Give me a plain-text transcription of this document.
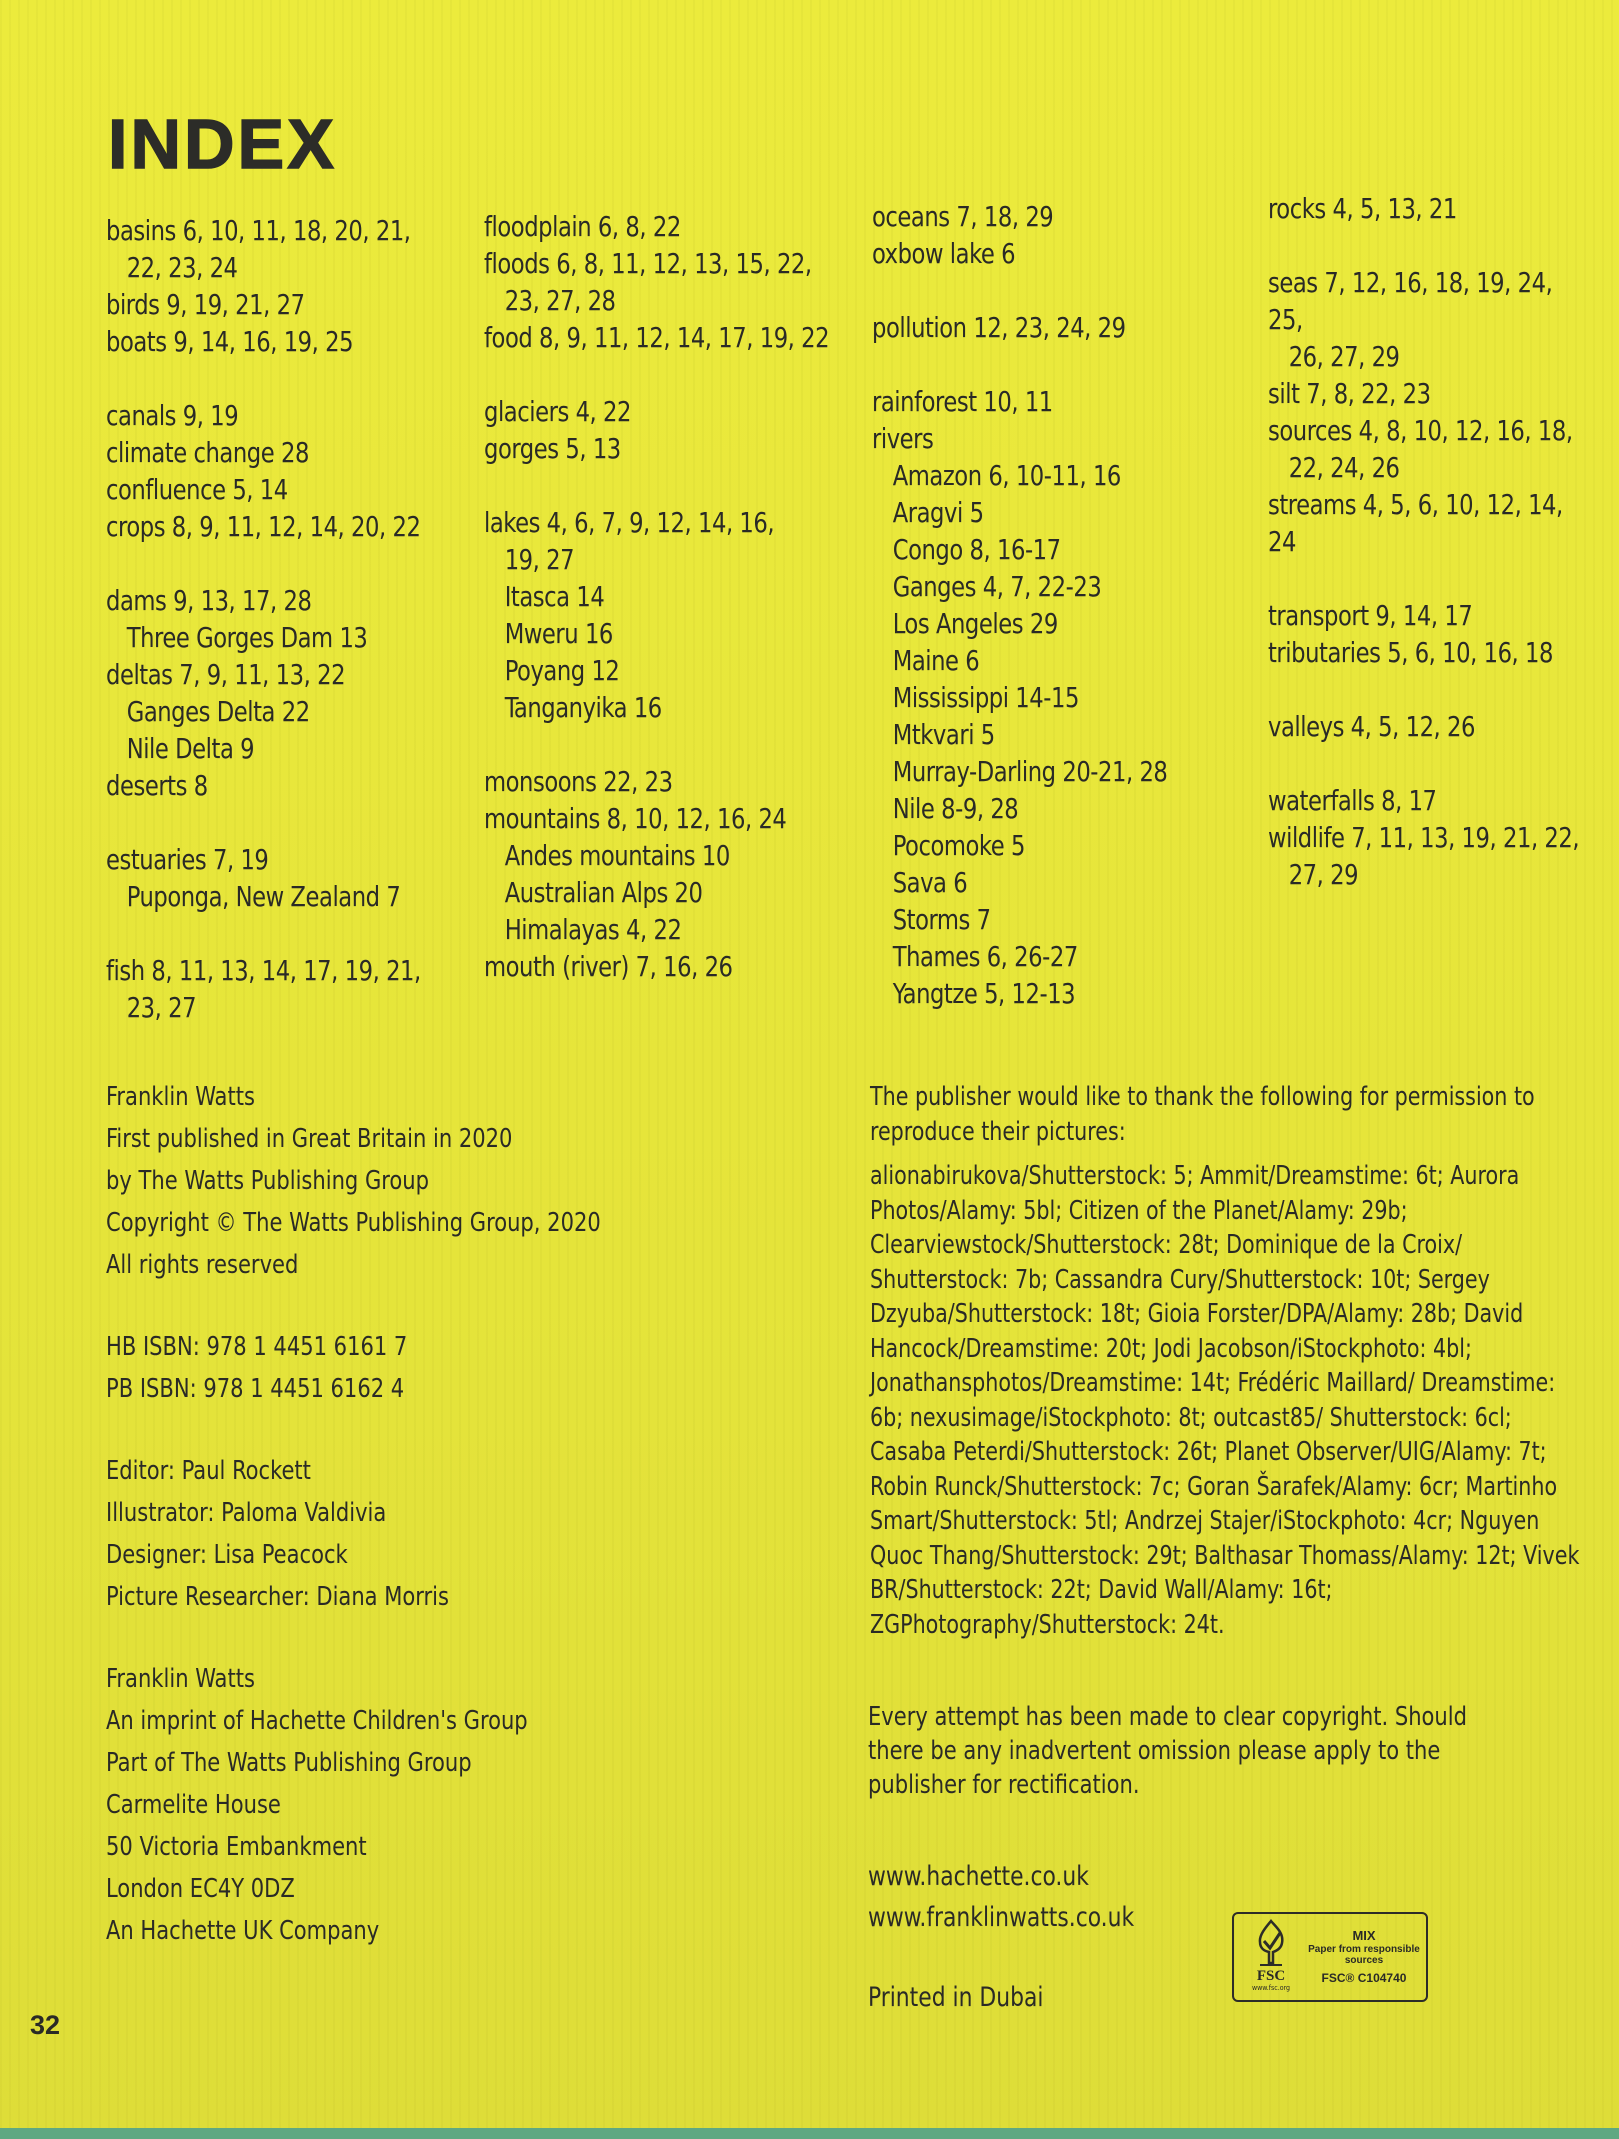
INDEX
basins 6, 10, 11, 18, 20, 21,
22, 23, 24
birds 9, 19, 21, 27
boats 9, 14, 16, 19, 25
canals 9, 19
climate change 28
confluence 5, 14
crops 8, 9, 11, 12, 14, 20, 22
dams 9, 13, 17, 28
Three Gorges Dam 13
deltas 7, 9, 11, 13, 22
Ganges Delta 22
Nile Delta 9
deserts 8
estuaries 7, 19
Puponga, New Zealand 7
fish 8, 11, 13, 14, 17, 19, 21,
23, 27
floodplain 6, 8, 22
floods 6, 8, 11, 12, 13, 15, 22,
23, 27, 28
food 8, 9, 11, 12, 14, 17, 19, 22
glaciers 4, 22
gorges 5, 13
lakes 4, 6, 7, 9, 12, 14, 16,
19, 27
Itasca 14
Mweru 16
Poyang 12
Tanganyika 16
monsoons 22, 23
mountains 8, 10, 12, 16, 24
Andes mountains 10
Australian Alps 20
Himalayas 4, 22
mouth (river) 7, 16, 26
oceans 7, 18, 29
oxbow lake 6
pollution 12, 23, 24, 29
rainforest 10, 11
rivers
Amazon 6, 10-11, 16
Aragvi 5
Congo 8, 16-17
Ganges 4, 7, 22-23
Los Angeles 29
Maine 6
Mississippi 14-15
Mtkvari 5
Murray-Darling 20-21, 28
Nile 8-9, 28
Pocomoke 5
Sava 6
Storms 7
Thames 6, 26-27
Yangtze 5, 12-13
rocks 4, 5, 13, 21
seas 7, 12, 16, 18, 19, 24, 25,
26, 27, 29
silt 7, 8, 22, 23
sources 4, 8, 10, 12, 16, 18,
22, 24, 26
streams 4, 5, 6, 10, 12, 14, 24
transport 9, 14, 17
tributaries 5, 6, 10, 16, 18
valleys 4, 5, 12, 26
waterfalls 8, 17
wildlife 7, 11, 13, 19, 21, 22,
27, 29
Franklin Watts
First published in Great Britain in 2020
by The Watts Publishing Group
Copyright © The Watts Publishing Group, 2020
All rights reserved
HB ISBN: 978 1 4451 6161 7
PB ISBN: 978 1 4451 6162 4
Editor: Paul Rockett
Illustrator: Paloma Valdivia
Designer: Lisa Peacock
Picture Researcher: Diana Morris
Franklin Watts
An imprint of Hachette Children's Group
Part of The Watts Publishing Group
Carmelite House
50 Victoria Embankment
London EC4Y 0DZ
An Hachette UK Company

The publisher would like to thank the following for permission to reproduce their pictures:

alionabirukova/Shutterstock: 5; Ammit/Dreamstime: 6t; Aurora Photos/Alamy: 5bl; Citizen of the Planet/Alamy: 29b; Clearviewstock/Shutterstock: 28t; Dominique de la Croix/ Shutterstock: 7b; Cassandra Cury/Shutterstock: 10t; Sergey Dzyuba/Shutterstock: 18t; Gioia Forster/DPA/Alamy: 28b; David Hancock/Dreamstime: 20t; Jodi Jacobson/iStockphoto: 4bl; Jonathansphotos/Dreamstime: 14t; Frédéric Maillard/ Dreamstime: 6b; nexusimage/iStockphoto: 8t; outcast85/ Shutterstock: 6cl; Casaba Peterdi/Shutterstock: 26t; Planet Observer/UIG/Alamy: 7t; Robin Runck/Shutterstock: 7c; Goran Šarafek/Alamy: 6cr; Martinho Smart/Shutterstock: 5tl; Andrzej Stajer/iStockphoto: 4cr; Nguyen Quoc Thang/Shutterstock: 29t; Balthasar Thomass/Alamy: 12t; Vivek BR/Shutterstock: 22t; David Wall/Alamy: 16t; ZGPhotography/Shutterstock: 24t.

Every attempt has been made to clear copyright. Should there be any inadvertent omission please apply to the publisher for rectification.

www.hachette.co.uk

www.franklinwatts.co.uk

Printed in Dubai

FSC
www.fsc.org
MIX
Paper from responsible sources
FSC® C104740

32
